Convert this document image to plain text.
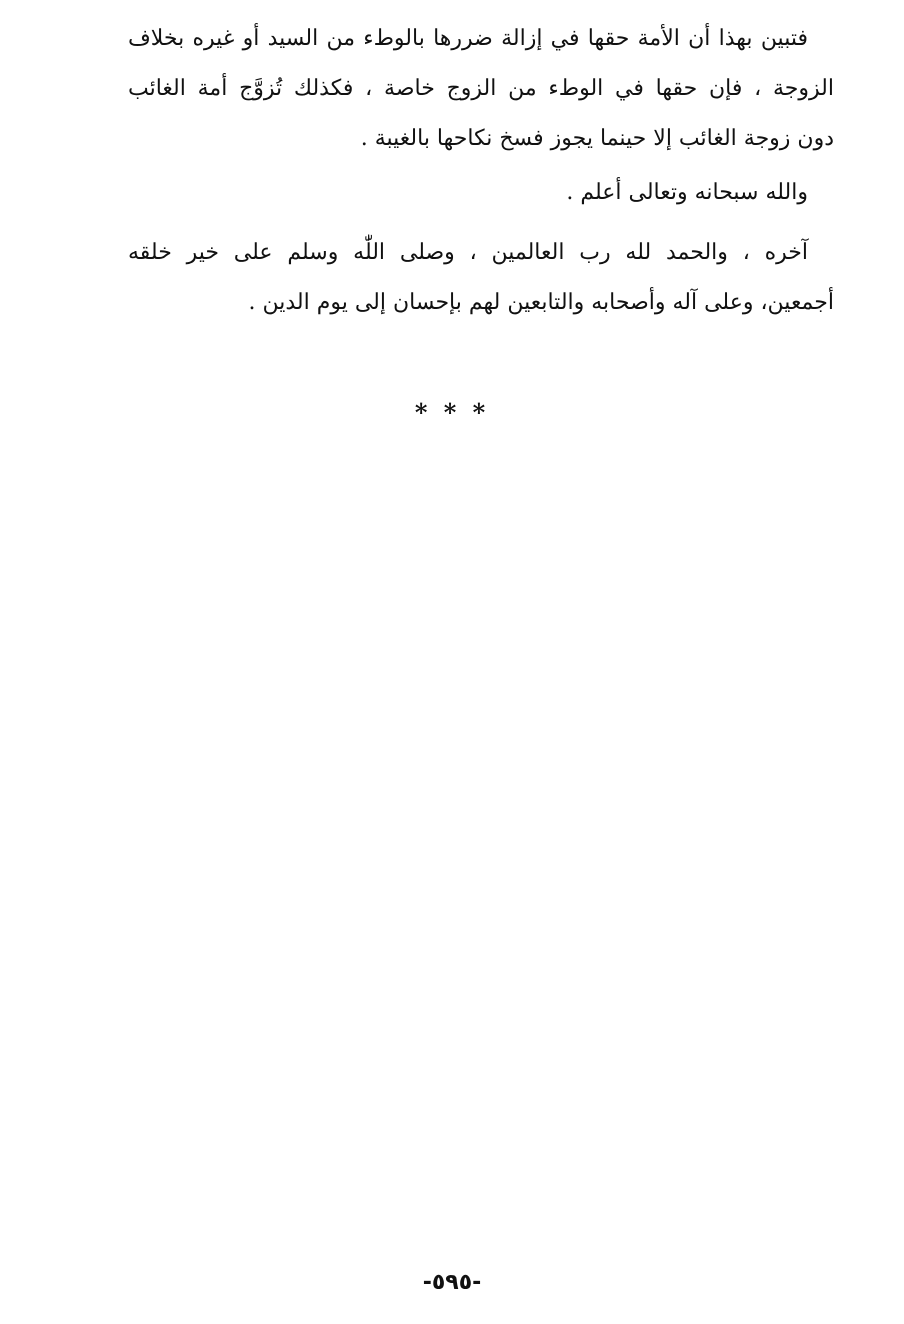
فتبين بهذا أن الأمة حقها في إزالة ضررها بالوطء من السيد أو غيره بخلاف
الزوجة ، فإن حقها في الوطء من الزوج خاصة ، فكذلك تُزوَّج أمة الغائب
دون زوجة الغائب إلا حينما يجوز فسخ نكاحها بالغيبة .
والله سبحانه وتعالى أعلم .
آخره ، والحمد لله رب العالمين ، وصلى اللّٰه وسلم على خير خلقه
أجمعين، وعلى آله وأصحابه والتابعين لهم بإحسان إلى يوم الدين .
* * *
-٥٩٥-
